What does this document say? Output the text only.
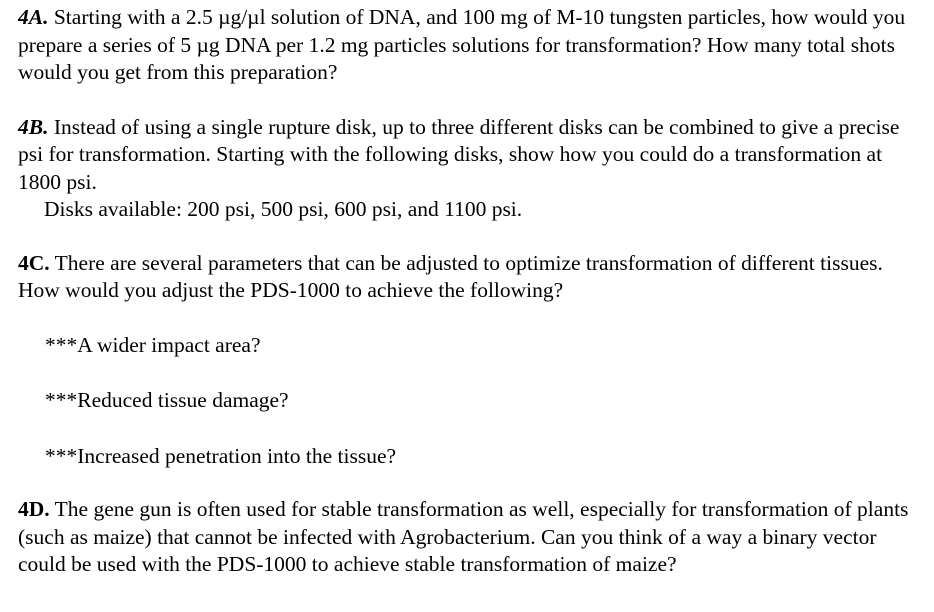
4A. Starting with a 2.5 µg/µl solution of DNA, and 100 mg of M-10 tungsten particles, how would you prepare a series of 5 µg DNA per 1.2 mg particles solutions for transformation? How many total shots would you get from this preparation?

4B. Instead of using a single rupture disk, up to three different disks can be combined to give a precise psi for transformation. Starting with the following disks, show how you could do a transformation at 1800 psi.

Disks available: 200 psi, 500 psi, 600 psi, and 1100 psi.

4C. There are several parameters that can be adjusted to optimize transformation of different tissues. How would you adjust the PDS-1000 to achieve the following?

***A wider impact area?

***Reduced tissue damage?

***Increased penetration into the tissue?

4D. The gene gun is often used for stable transformation as well, especially for transformation of plants (such as maize) that cannot be infected with Agrobacterium. Can you think of a way a binary vector could be used with the PDS-1000 to achieve stable transformation of maize?
